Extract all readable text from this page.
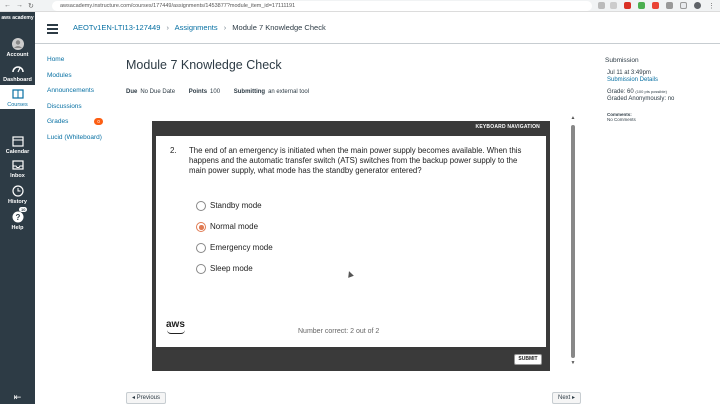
← → ↻	awsacademy.instructure.com/courses/177449/assignments/1453877?module_item_id=17111191	⋮
aws academy
Account
Dashboard
Courses
Calendar
Inbox
History
?
Help
10
⇤
AEOTv1EN-LTI13-127449 › Assignments › Module 7 Knowledge Check
Home
Modules
Announcements
Discussions
Grades	0
Lucid (Whiteboard)
Module 7 Knowledge Check
Due No Due Date Points 100 Submitting an external tool
KEYBOARD NAVIGATION
2. The end of an emergency is initiated when the main power supply becomes available. When this happens and the automatic transfer switch (ATS) switches from the backup power supply to the main power supply, what mode has the standby generator entered?
Standby mode
Normal mode
Emergency mode
Sleep mode
aws
Number correct: 2 out of 2
SUBMIT
▲
▼
Submission
Jul 11 at 3:49pm
Submission Details
Grade: 60 (100 pts possible)
Graded Anonymously: no
Comments:
No Comments
◂ Previous	Next ▸
